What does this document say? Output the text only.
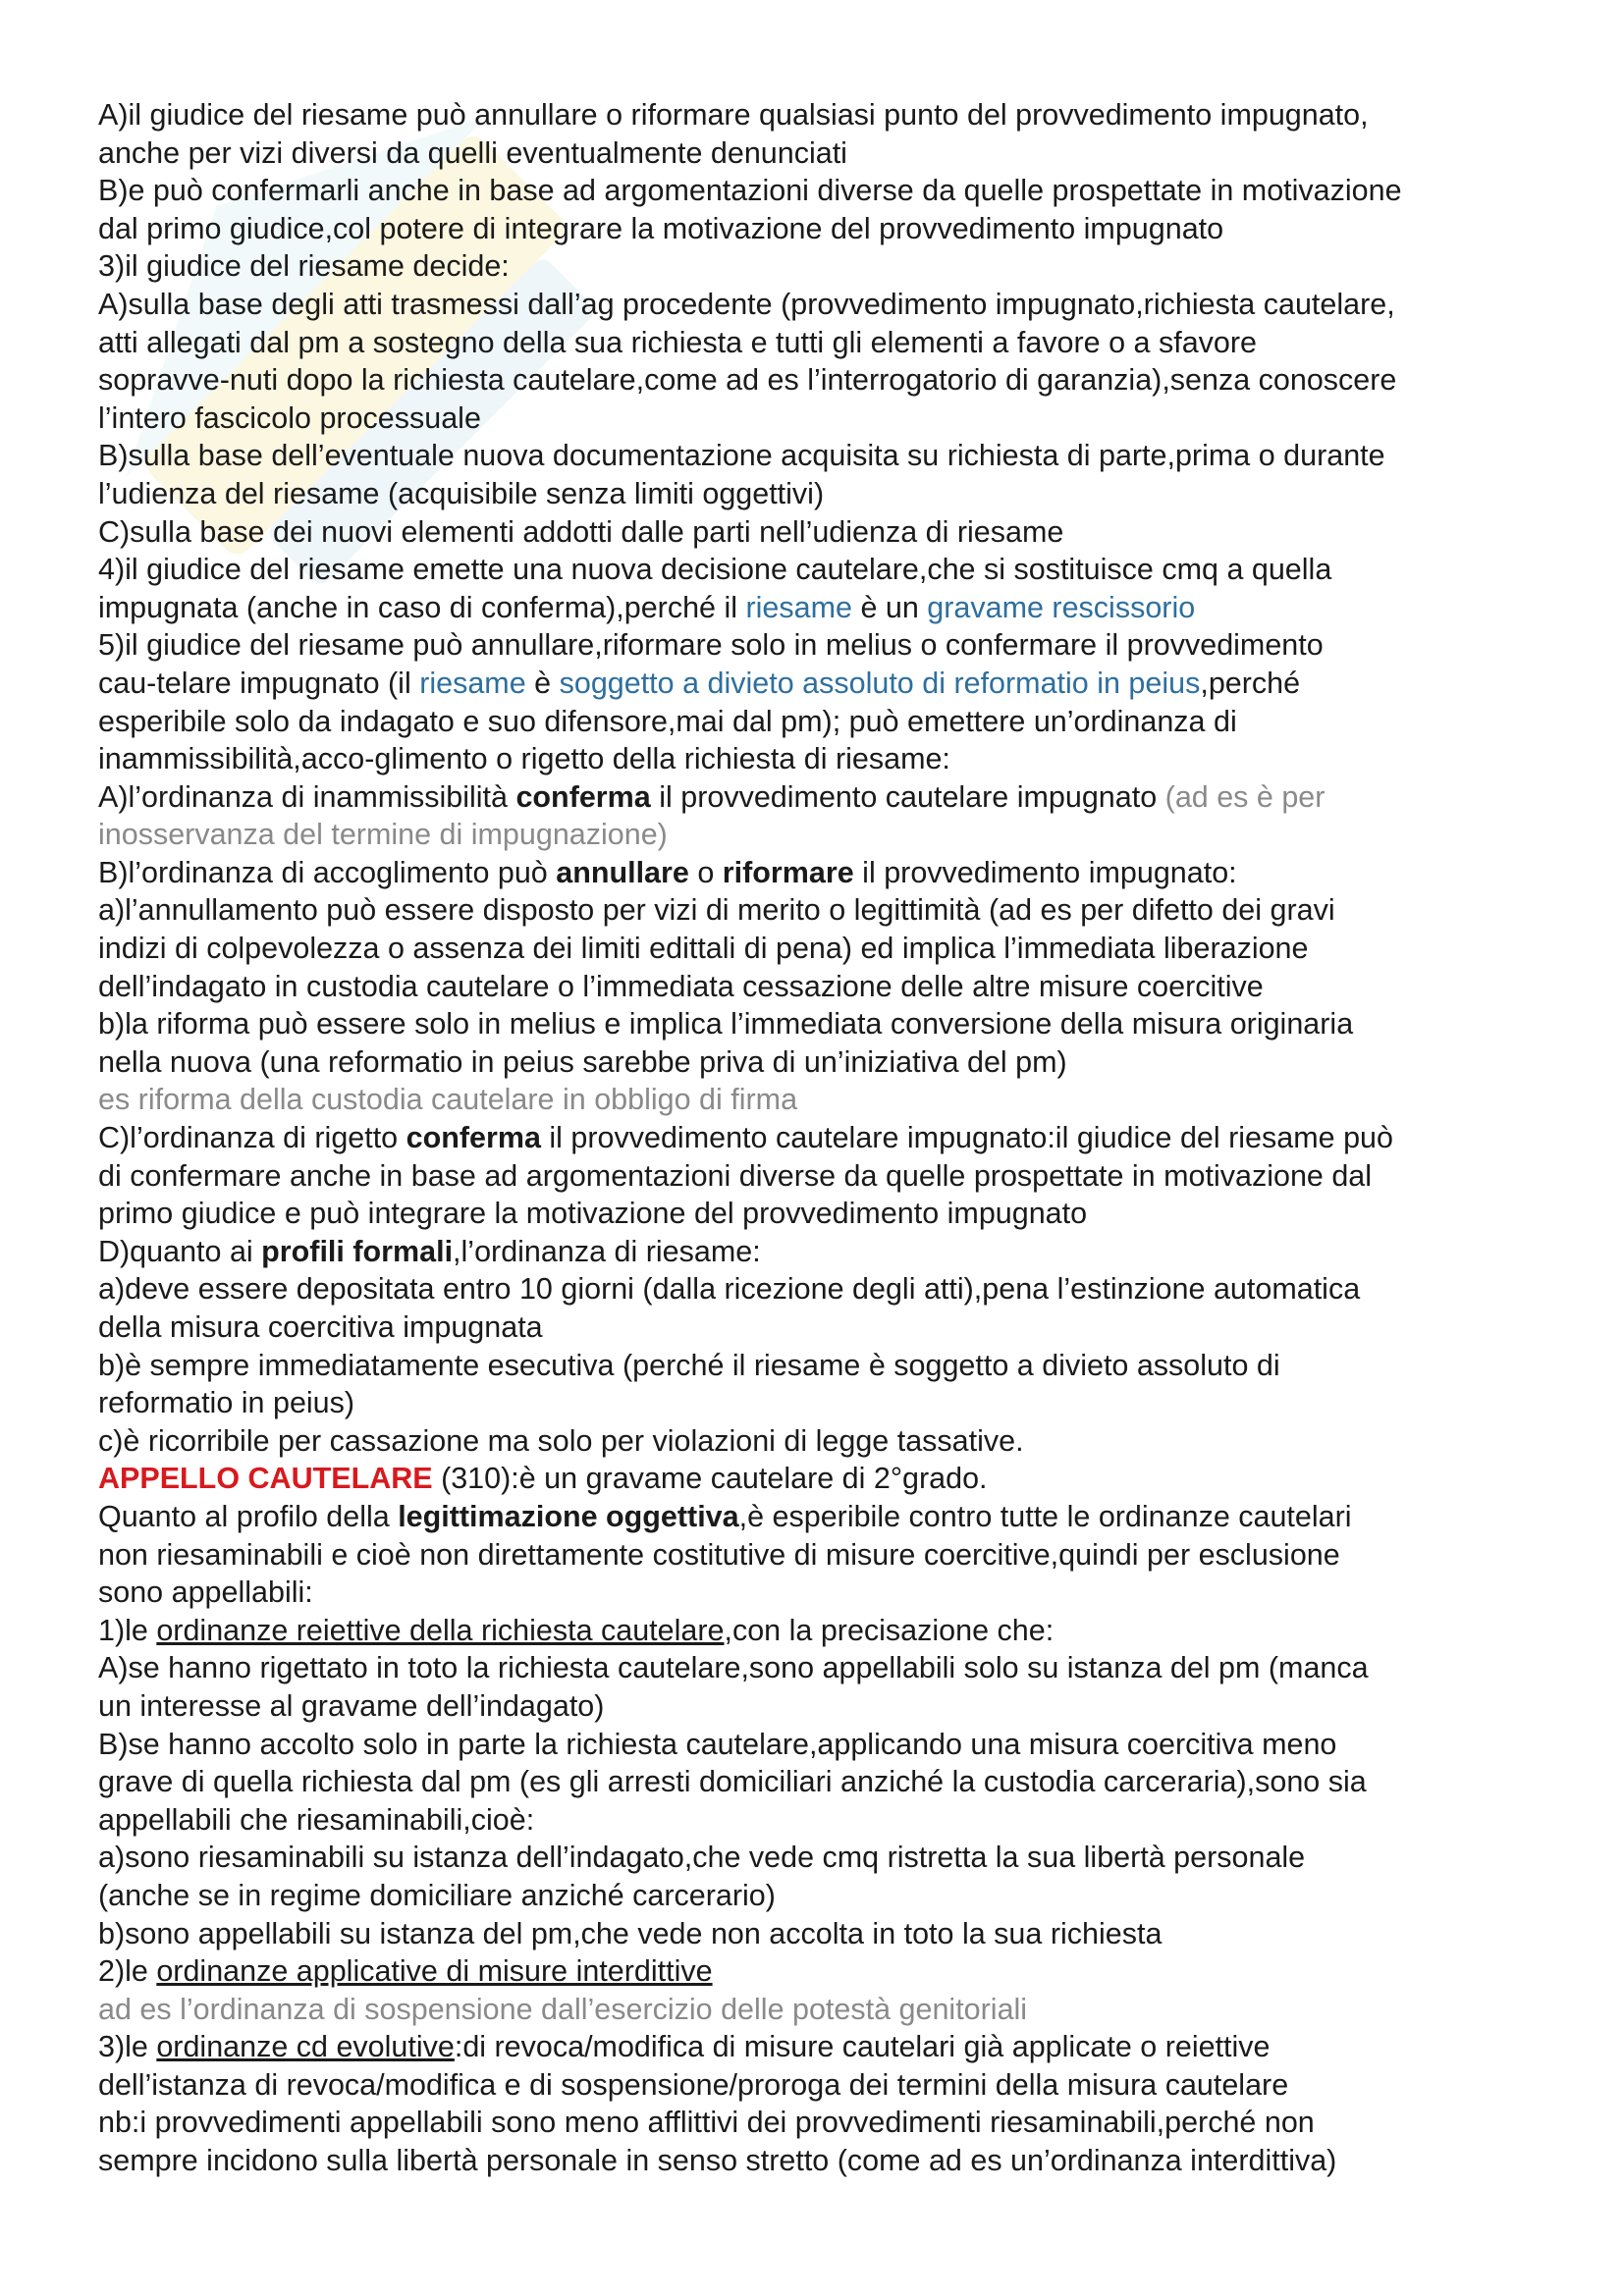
A)il giudice del riesame può annullare o riformare qualsiasi punto del provvedimento impugnato,
anche per vizi diversi da quelli eventualmente denunciati
B)e può confermarli anche in base ad argomentazioni diverse da quelle prospettate in motivazione
dal primo giudice,col potere di integrare la motivazione del provvedimento impugnato
3)il giudice del riesame decide:
A)sulla base degli atti trasmessi dall’ag procedente (provvedimento impugnato,richiesta cautelare,
atti allegati dal pm a sostegno della sua richiesta e tutti gli elementi a favore o a sfavore
sopravve-nuti dopo la richiesta cautelare,come ad es l’interrogatorio di garanzia),senza conoscere
l’intero fascicolo processuale
B)sulla base dell’eventuale nuova documentazione acquisita su richiesta di parte,prima o durante
l’udienza del riesame (acquisibile senza limiti oggettivi)
C)sulla base dei nuovi elementi addotti dalle parti nell’udienza di riesame
4)il giudice del riesame emette una nuova decisione cautelare,che si sostituisce cmq a quella
impugnata (anche in caso di conferma),perché il riesame è un gravame rescissorio
5)il giudice del riesame può annullare,riformare solo in melius o confermare il provvedimento
cau-telare impugnato (il riesame è soggetto a divieto assoluto di reformatio in peius,perché
esperibile solo da indagato e suo difensore,mai dal pm); può emettere un’ordinanza di
inammissibilità,acco-glimento o rigetto della richiesta di riesame:
A)l’ordinanza di inammissibilità conferma il provvedimento cautelare impugnato (ad es è per
inosservanza del termine di impugnazione)
B)l’ordinanza di accoglimento può annullare o riformare il provvedimento impugnato:
a)l’annullamento può essere disposto per vizi di merito o legittimità (ad es per difetto dei gravi
indizi di colpevolezza o assenza dei limiti edittali di pena) ed implica l’immediata liberazione
dell’indagato in custodia cautelare o l’immediata cessazione delle altre misure coercitive
b)la riforma può essere solo in melius e implica l’immediata conversione della misura originaria
nella nuova (una reformatio in peius sarebbe priva di un’iniziativa del pm)
es riforma della custodia cautelare in obbligo di firma
C)l’ordinanza di rigetto conferma il provvedimento cautelare impugnato:il giudice del riesame può
di confermare anche in base ad argomentazioni diverse da quelle prospettate in motivazione dal
primo giudice e può integrare la motivazione del provvedimento impugnato
D)quanto ai profili formali,l’ordinanza di riesame:
a)deve essere depositata entro 10 giorni (dalla ricezione degli atti),pena l’estinzione automatica
della misura coercitiva impugnata
b)è sempre immediatamente esecutiva (perché il riesame è soggetto a divieto assoluto di
reformatio in peius)
c)è ricorribile per cassazione ma solo per violazioni di legge tassative.
APPELLO CAUTELARE (310):è un gravame cautelare di 2°grado.
Quanto al profilo della legittimazione oggettiva,è esperibile contro tutte le ordinanze cautelari
non riesaminabili e cioè non direttamente costitutive di misure coercitive,quindi per esclusione
sono appellabili:
1)le ordinanze reiettive della richiesta cautelare,con la precisazione che:
A)se hanno rigettato in toto la richiesta cautelare,sono appellabili solo su istanza del pm (manca
un interesse al gravame dell’indagato)
B)se hanno accolto solo in parte la richiesta cautelare,applicando una misura coercitiva meno
grave di quella richiesta dal pm (es gli arresti domiciliari anziché la custodia carceraria),sono sia
appellabili che riesaminabili,cioè:
a)sono riesaminabili su istanza dell’indagato,che vede cmq ristretta la sua libertà personale
(anche se in regime domiciliare anziché carcerario)
b)sono appellabili su istanza del pm,che vede non accolta in toto la sua richiesta
2)le ordinanze applicative di misure interdittive
ad es l’ordinanza di sospensione dall’esercizio delle potestà genitoriali
3)le ordinanze cd evolutive:di revoca/modifica di misure cautelari già applicate o reiettive
dell’istanza di revoca/modifica e di sospensione/proroga dei termini della misura cautelare
nb:i provvedimenti appellabili sono meno afflittivi dei provvedimenti riesaminabili,perché non
sempre incidono sulla libertà personale in senso stretto (come ad es un’ordinanza interdittiva)
